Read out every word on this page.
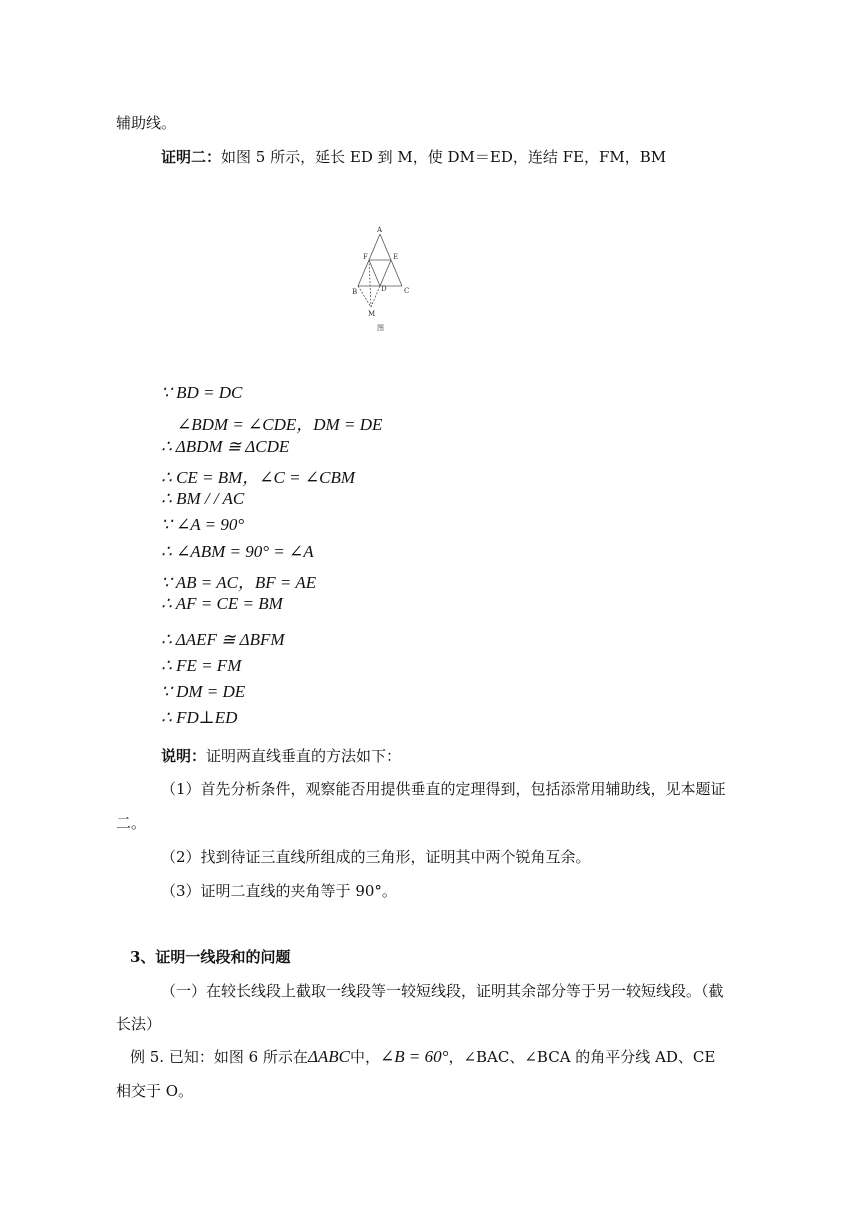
辅助线。
证明二：如图 5 所示，延长 ED 到 M，使 DM＝ED，连结 FE，FM，BM
A
F	E
B	D C
M
图
∵ BD = DC
∠BDM = ∠CDE，DM = DE
∴ ΔBDM ≅ ΔCDE
∴ CE = BM，∠C = ∠CBM
∴ BM / / AC
∵ ∠A = 90°
∴ ∠ABM = 90° = ∠A
∵ AB = AC，BF = AE
∴ AF = CE = BM
∴ ΔAEF ≅ ΔBFM
∴ FE = FM
∵ DM = DE
∴ FD⊥ED
说明：证明两直线垂直的方法如下：
（1）首先分析条件，观察能否用提供垂直的定理得到，包括添常用辅助线，见本题证
二。
（2）找到待证三直线所组成的三角形，证明其中两个锐角互余。
（3）证明二直线的夹角等于 90°。
3、证明一线段和的问题
（一）在较长线段上截取一线段等一较短线段，证明其余部分等于另一较短线段。（截
长法）
例 5. 已知：如图 6 所示在ΔABC中，∠B = 60°，∠BAC、∠BCA 的角平分线 AD、CE
相交于 O。
